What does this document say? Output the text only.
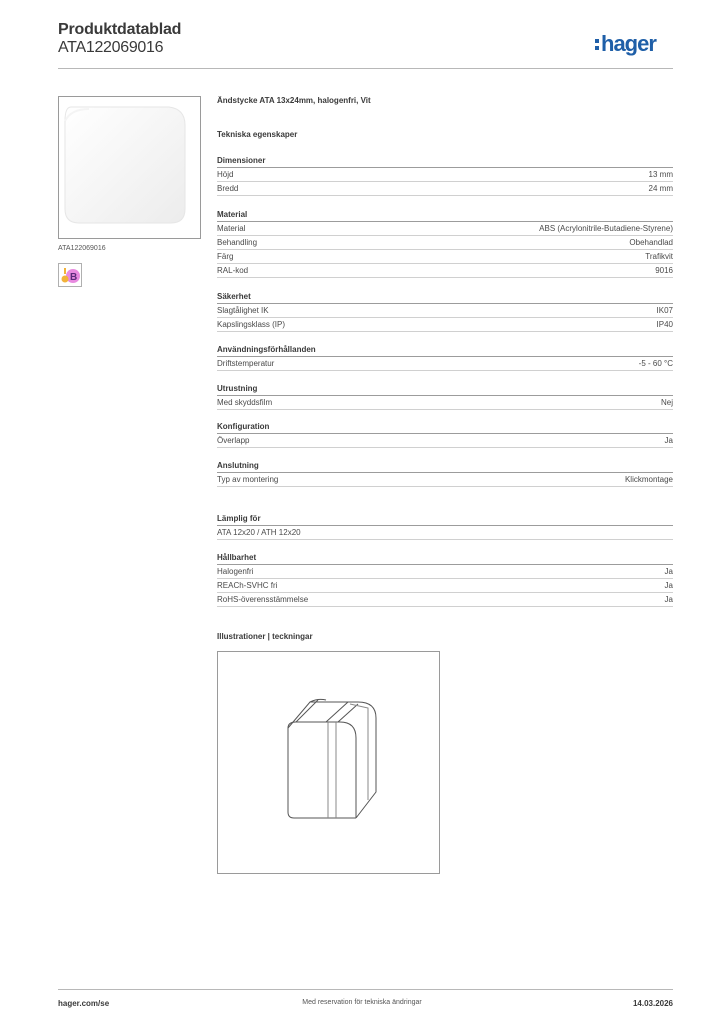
Produktdatablad
ATA122069016	hager
ATA122069016
B
Ändstycke ATA 13x24mm, halogenfri, Vit
Tekniska egenskaper
Dimensioner
Höjd	13 mm
Bredd	24 mm
Material
Material	ABS (Acrylonitrile-Butadiene-Styrene)
Behandling	Obehandlad
Färg	Trafikvit
RAL-kod	9016
Säkerhet
Slagtålighet IK	IK07
Kapslingsklass (IP)	IP40
Användningsförhållanden
Driftstemperatur	-5 - 60 °C
Utrustning
Med skyddsfilm	Nej
Konfiguration
Överlapp	Ja
Anslutning
Typ av montering	Klickmontage
Lämplig för
ATA 12x20 / ATH 12x20
Hållbarhet
Halogenfri	Ja
REACh-SVHC fri	Ja
RoHS-överensstämmelse	Ja
Illustrationer | teckningar
Med reservation för tekniska ändringar
hager.com/se	14.03.2026
